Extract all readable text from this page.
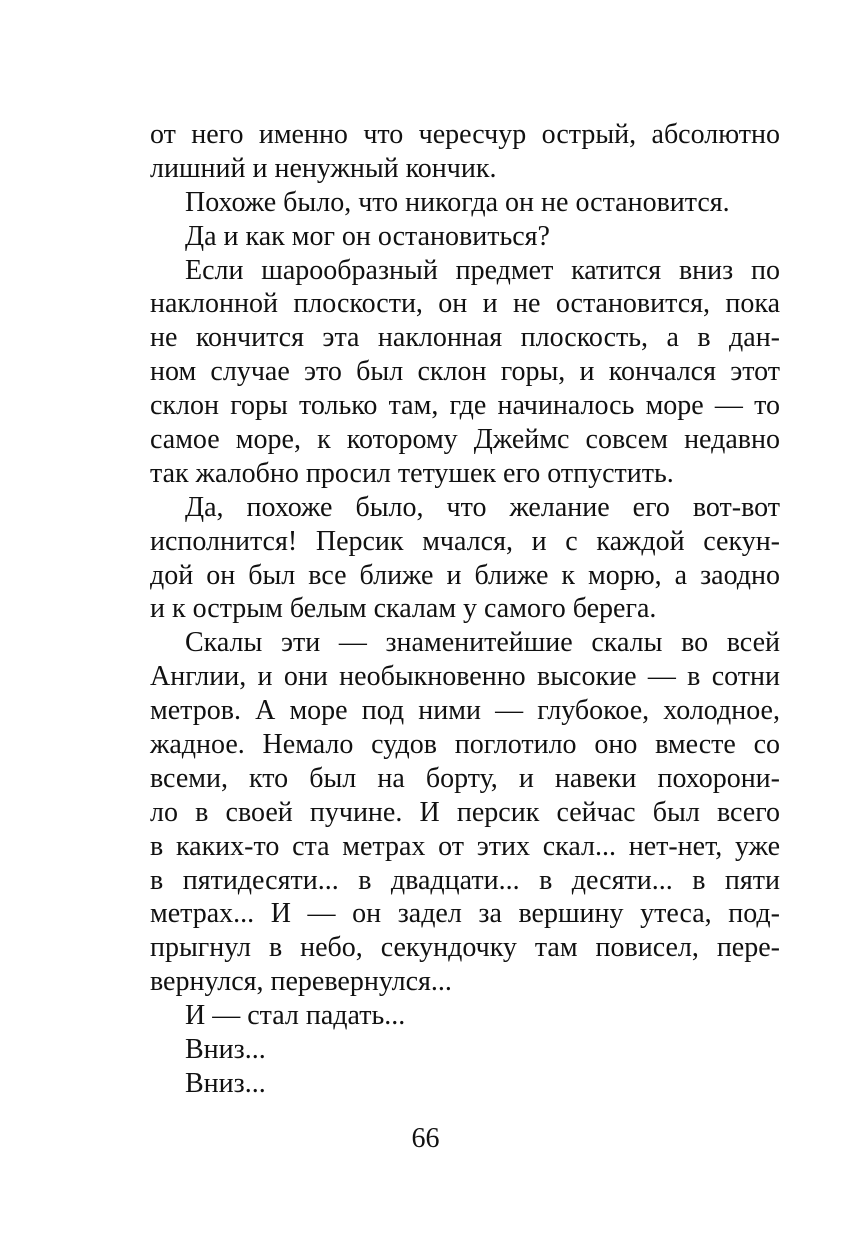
от него именно что чересчур острый, абсолютно
лишний и ненужный кончик.
Похоже было, что никогда он не остановится.
Да и как мог он остановиться?
Если шарообразный предмет катится вниз по
наклонной плоскости, он и не остановится, пока
не кончится эта наклонная плоскость, а в дан-
ном случае это был склон горы, и кончался этот
склон горы только там, где начиналось море — то
самое море, к которому Джеймс совсем недавно
так жалобно просил тетушек его отпустить.
Да, похоже было, что желание его вот-вот
исполнится! Персик мчался, и с каждой секун-
дой он был все ближе и ближе к морю, а заодно
и к острым белым скалам у самого берега.
Скалы эти — знаменитейшие скалы во всей
Англии, и они необыкновенно высокие — в сотни
метров. А море под ними — глубокое, холодное,
жадное. Немало судов поглотило оно вместе со
всеми, кто был на борту, и навеки похорони-
ло в своей пучине. И персик сейчас был всего
в каких-то ста метрах от этих скал... нет-нет, уже
в пятидесяти... в двадцати... в десяти... в пяти
метрах... И — он задел за вершину утеса, под-
прыгнул в небо, секундочку там повисел, пере-
вернулся, перевернулся...
И — стал падать...
Вниз...
Вниз...
66
